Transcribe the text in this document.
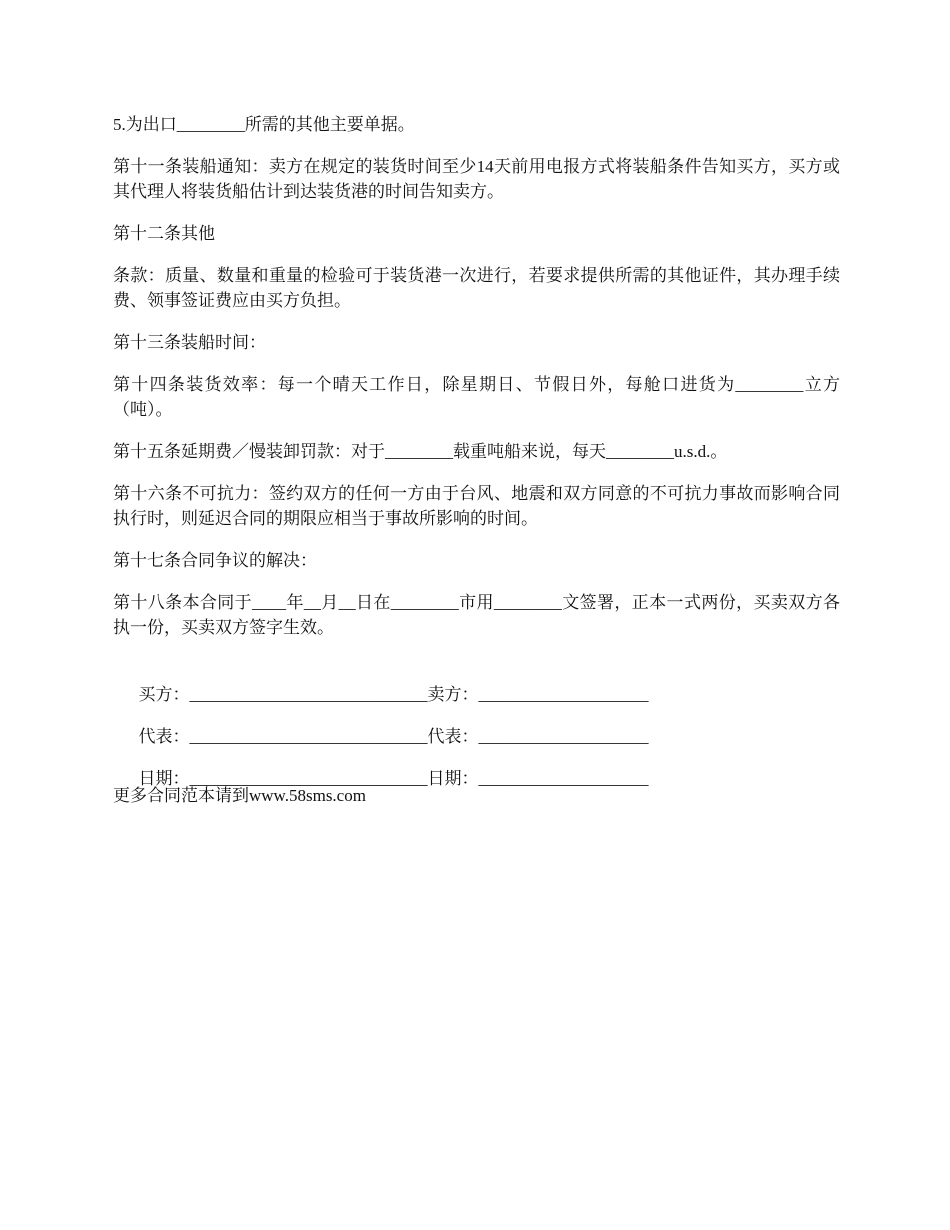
5.为出口________所需的其他主要单据。

第十一条装船通知：卖方在规定的装货时间至少14天前用电报方式将装船条件告知买方，买方或其代理人将装货船估计到达装货港的时间告知卖方。

第十二条其他

条款：质量、数量和重量的检验可于装货港一次进行，若要求提供所需的其他证件，其办理手续费、领事签证费应由买方负担。

第十三条装船时间：

第十四条装货效率：每一个晴天工作日，除星期日、节假日外，每舱口进货为________立方（吨）。

第十五条延期费／慢装卸罚款：对于________载重吨船来说，每天________u.s.d.。

第十六条不可抗力：签约双方的任何一方由于台风、地震和双方同意的不可抗力事故而影响合同执行时，则延迟合同的期限应相当于事故所影响的时间。

第十七条合同争议的解决：

第十八条本合同于____年__月__日在________市用________文签署，正本一式两份，买卖双方各执一份，买卖双方签字生效。

买方：____________________________卖方：____________________

代表：____________________________代表：____________________

日期：____________________________日期：____________________

更多合同范本请到www.58sms.com
